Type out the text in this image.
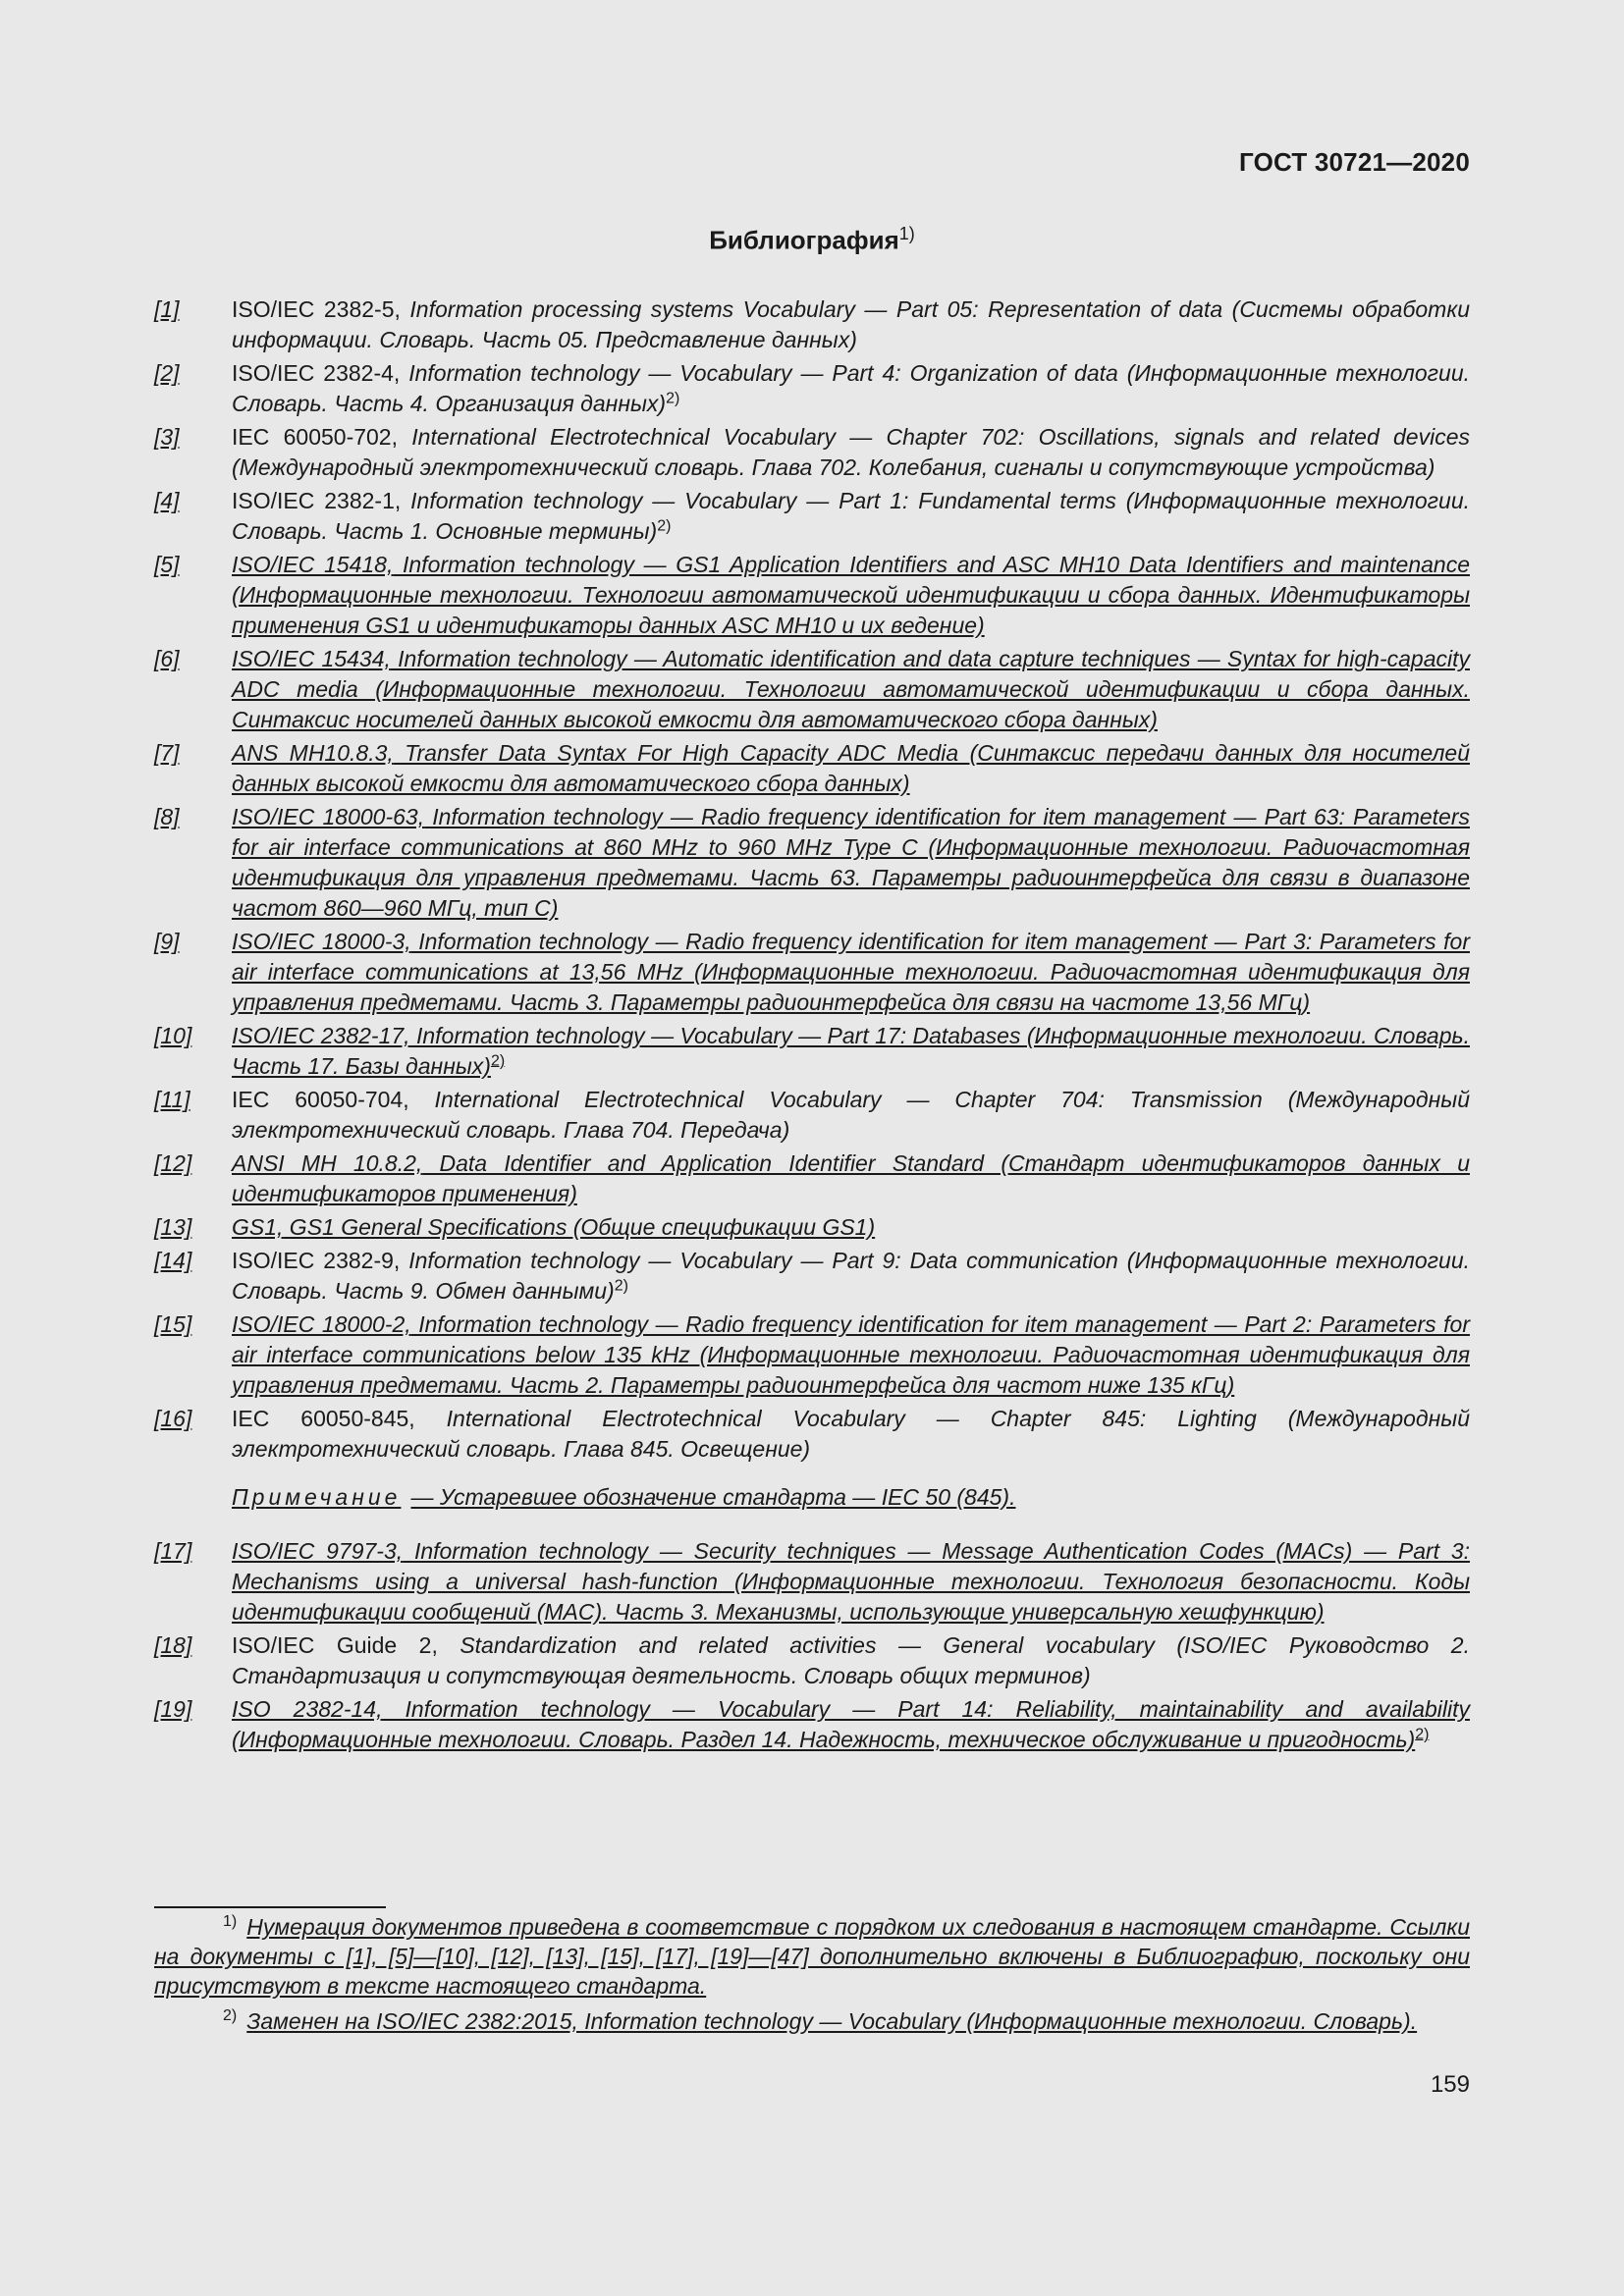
ГОСТ 30721—2020
Библиография$^{1)}$
[1] ISO/IEC 2382-5, Information processing systems Vocabulary — Part 05: Representation of data (Системы обработки информации. Словарь. Часть 05. Представление данных)
[2] ISO/IEC 2382-4, Information technology — Vocabulary — Part 4: Organization of data (Информационные технологии. Словарь. Часть 4. Организация данных)$^{2)}$
[3] IEC 60050-702, International Electrotechnical Vocabulary — Chapter 702: Oscillations, signals and related devices (Международный электротехнический словарь. Глава 702. Колебания, сигналы и сопутствующие устройства)
[4] ISO/IEC 2382-1, Information technology — Vocabulary — Part 1: Fundamental terms (Информационные технологии. Словарь. Часть 1. Основные термины)$^{2)}$
[5] ISO/IEC 15418, Information technology — GS1 Application Identifiers and ASC MH10 Data Identifiers and maintenance (Информационные технологии. Технологии автоматической идентификации и сбора данных. Идентификаторы применения GS1 и идентификаторы данных ASC MH10 и их ведение)
[6] ISO/IEC 15434, Information technology — Automatic identification and data capture techniques — Syntax for high-capacity ADC media (Информационные технологии. Технологии автоматической идентификации и сбора данных. Синтаксис носителей данных высокой емкости для автоматического сбора данных)
[7] ANS MH10.8.3, Transfer Data Syntax For High Capacity ADC Media (Синтаксис передачи данных для носителей данных высокой емкости для автоматического сбора данных)
[8] ISO/IEC 18000-63, Information technology — Radio frequency identification for item management — Part 63: Parameters for air interface communications at 860 MHz to 960 MHz Type C (Информационные технологии. Радиочастотная идентификация для управления предметами. Часть 63. Параметры радиоинтерфейса для связи в диапазоне частот 860—960 МГц, тип С)
[9] ISO/IEC 18000-3, Information technology — Radio frequency identification for item management — Part 3: Parameters for air interface communications at 13,56 MHz (Информационные технологии. Радиочастотная идентификация для управления предметами. Часть 3. Параметры радиоинтерфейса для связи на частоте 13,56 МГц)
[10] ISO/IEC 2382-17, Information technology — Vocabulary — Part 17: Databases (Информационные технологии. Словарь. Часть 17. Базы данных)$^{2)}$
[11] IEC 60050-704, International Electrotechnical Vocabulary — Chapter 704: Transmission (Международный электротехнический словарь. Глава 704. Передача)
[12] ANSI MH 10.8.2, Data Identifier and Application Identifier Standard (Стандарт идентификаторов данных и идентификаторов применения)
[13] GS1, GS1 General Specifications (Общие спецификации GS1)
[14] ISO/IEC 2382-9, Information technology — Vocabulary — Part 9: Data communication (Информационные технологии. Словарь. Часть 9. Обмен данными)$^{2)}$
[15] ISO/IEC 18000-2, Information technology — Radio frequency identification for item management — Part 2: Parameters for air interface communications below 135 kHz (Информационные технологии. Радиочастотная идентификация для управления предметами. Часть 2. Параметры радиоинтерфейса для частот ниже 135 кГц)
[16] IEC 60050-845, International Electrotechnical Vocabulary — Chapter 845: Lighting (Международный электротехнический словарь. Глава 845. Освещение)
Примечание — Устаревшее обозначение стандарта — IEC 50 (845).
[17] ISO/IEC 9797-3, Information technology — Security techniques — Message Authentication Codes (MACs) — Part 3: Mechanisms using a universal hash-function (Информационные технологии. Технология безопасности. Коды идентификации сообщений (MAC). Часть 3. Механизмы, использующие универсальную хешфункцию)
[18] ISO/IEC Guide 2, Standardization and related activities — General vocabulary (ISO/IEC Руководство 2. Стандартизация и сопутствующая деятельность. Словарь общих терминов)
[19] ISO 2382-14, Information technology — Vocabulary — Part 14: Reliability, maintainability and availability (Информационные технологии. Словарь. Раздел 14. Надежность, техническое обслуживание и пригодность)$^{2)}$
$^{1)}$ Нумерация документов приведена в соответствие с порядком их следования в настоящем стандарте. Ссылки на документы с [1], [5]—[10], [12], [13], [15], [17], [19]—[47] дополнительно включены в Библиографию, поскольку они присутствуют в тексте настоящего стандарта.
$^{2)}$ Заменен на ISO/IEC 2382:2015, Information technology — Vocabulary (Информационные технологии. Словарь).
159
